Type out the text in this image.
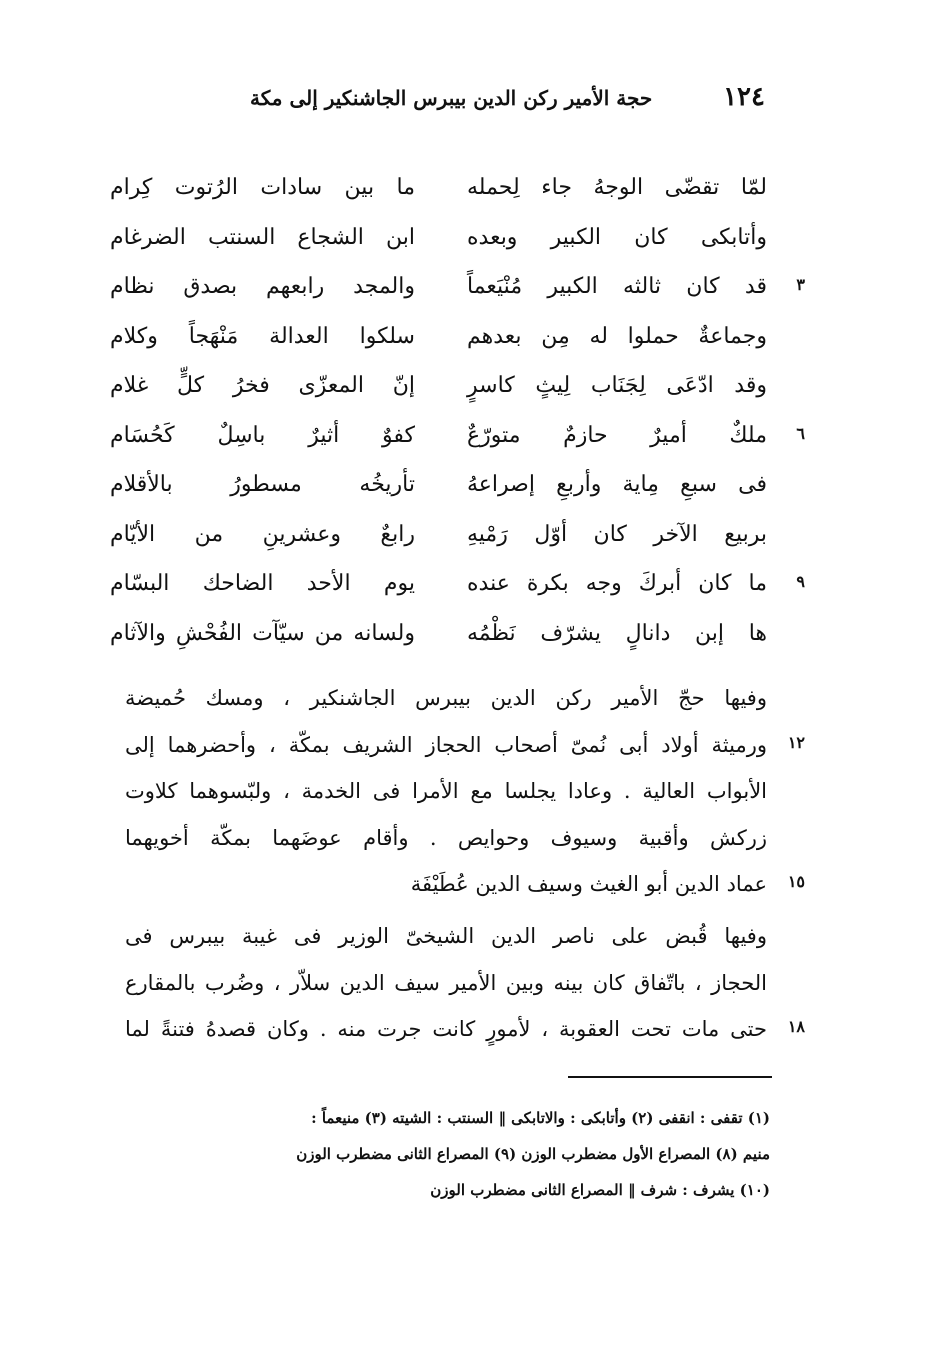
١٢٤
حجة الأمير ركن الدين بيبرس الجاشنكير إلى مكة
لمّا تقضّى الوجهُ جاء لِحمله
ما بين سادات الرُتوت كِرام
وأتابكى كان الكبير وبعده
ابن الشجاع السنتب الضرغام
٣
قد كان ثالثه الكبير مُنْيَعماً
والمجد رابعهم بصدق نظام
وجماعةٌ حملوا له مِن بعدهم
سلكوا العدالة مَنْهَجاً وكلام
وقد ادّعَى لِجَنَاب لِيثٍ كاسرٍ
إنّ المعزّى فخرُ كلٍّ غلام
٦
ملكٌ أميرٌ حازمٌ متورّعٌ
كفوٌ أثيرٌ باسِلٌ كَحُسَام
فى سبعِ مِاية وأربعِ إصراعهُ
تأريخُه مسطورُ بالأقلام
بربيع الآخر كان أوّل رَمْيهِ
رابعٌ وعشرينِ من الأيّام
٩
ما كان أبركَ وجه بكرة عنده
يوم الأحد الضاحك البسّام
ها إبن دانالٍ يشرّف نَظْمُه
ولسانه من سيّآت الفُحْشِ والآثام
وفيها حجّ الأمير ركن الدين بيبرس الجاشنكير ، ومسك حُميضة
١٢
ورميثة أولاد أبى نُمىّ أصحاب الحجاز الشريف بمكّة ، وأحضرهما إلى
الأبواب العالية . وعادا يجلسا مع الأمرا فى الخدمة ، ولبّسوهما كلاوت
زركش وأقبية وسيوف وحوايص . وأقام عوضَهما بمكّة أخويهما
١٥
عماد الدين أبو الغيث وسيف الدين عُطَيْفَة
وفيها قُبض على ناصر الدين الشيخىّ الوزير فى غيبة بيبرس فى
الحجاز ، باتّفاق كان بينه وبين الأمير سيف الدين سلاّر ، وضُرب بالمقارع
١٨
حتى مات تحت العقوبة ، لأمورٍ كانت جرت منه . وكان قصدهُ فتنةً لما
(١) تقفى : انقفى (٢) وأتابكى : والاتابكى ‖ السنتب : الشيته (٣) منيعماً :
منيم (٨) المصراع الأول مضطرب الوزن (٩) المصراع الثانى مضطرب الوزن
(١٠) يشرف : شرف ‖ المصراع الثانى مضطرب الوزن
